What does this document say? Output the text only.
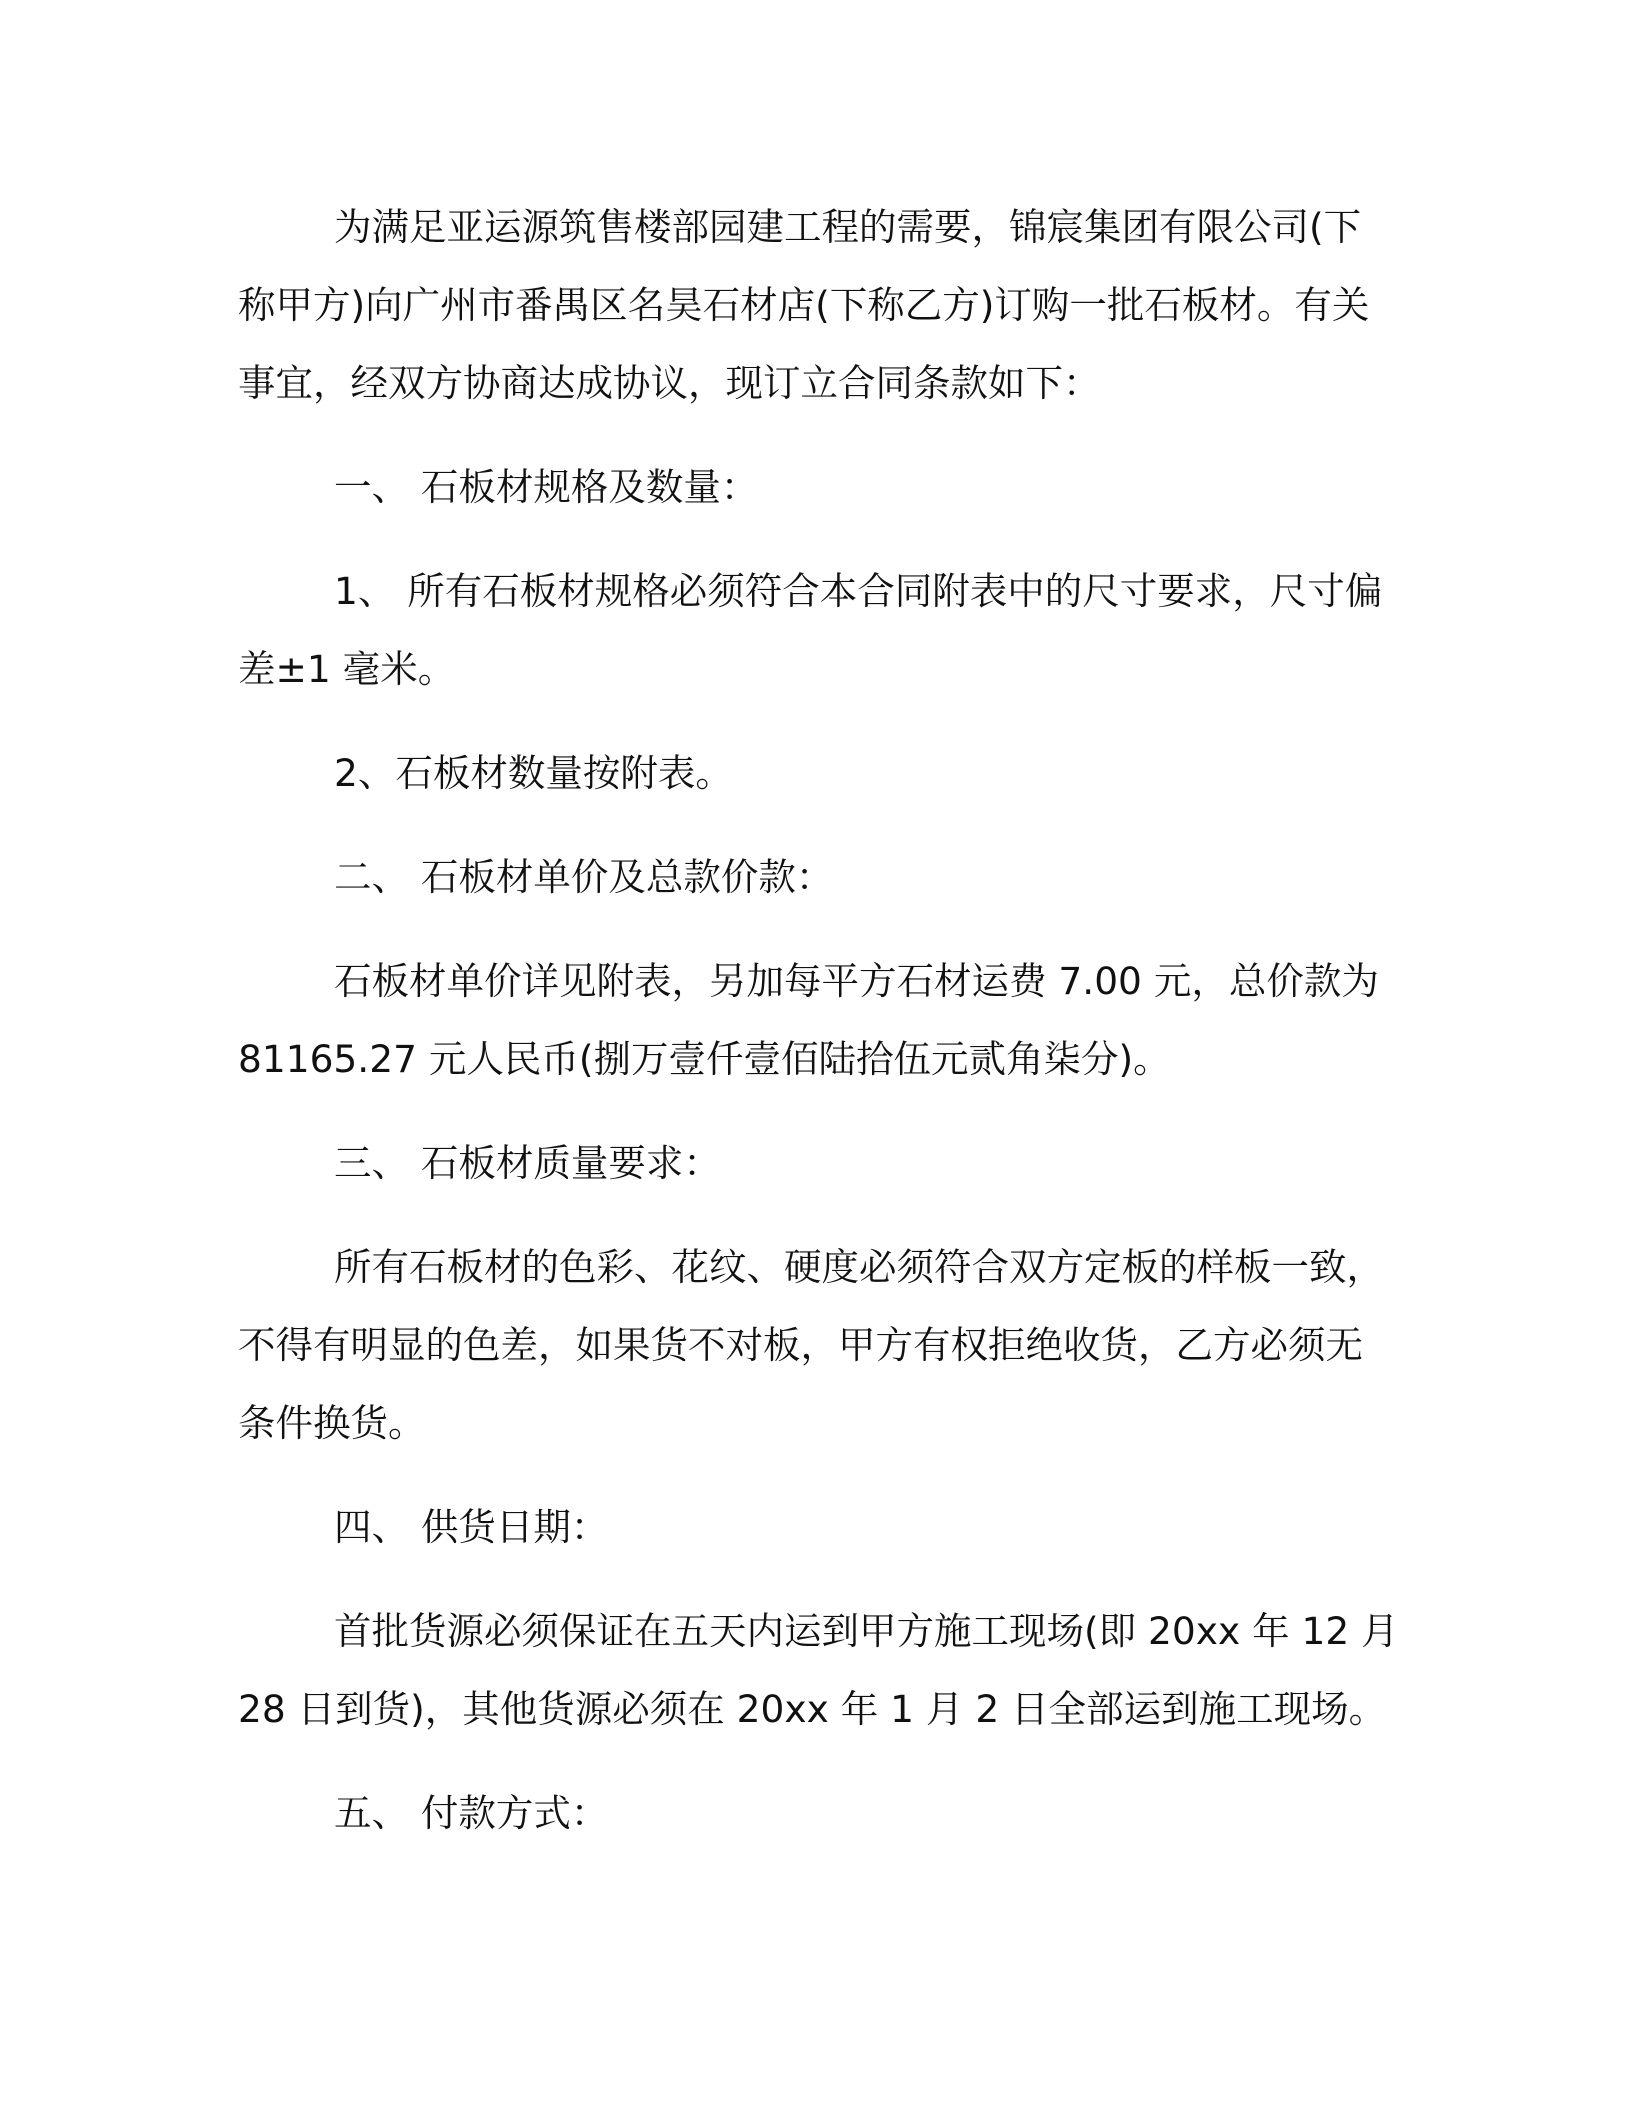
为满足亚运源筑售楼部园建工程的需要，锦宸集团有限公司(下
称甲方)向广州市番禺区名昊石材店(下称乙方)订购一批石板材。有关
事宜，经双方协商达成协议，现订立合同条款如下：

一、 石板材规格及数量：

1、 所有石板材规格必须符合本合同附表中的尺寸要求，尺寸偏
差±1 毫米。

2、石板材数量按附表。

二、 石板材单价及总款价款：

石板材单价详见附表，另加每平方石材运费 7.00 元，总价款为
81165.27 元人民币(捌万壹仟壹佰陆拾伍元贰角柒分)。

三、 石板材质量要求：

所有石板材的色彩、花纹、硬度必须符合双方定板的样板一致，
不得有明显的色差，如果货不对板，甲方有权拒绝收货，乙方必须无
条件换货。

四、 供货日期：

首批货源必须保证在五天内运到甲方施工现场(即 20xx 年 12 月
28 日到货)，其他货源必须在 20xx 年 1 月 2 日全部运到施工现场。

五、 付款方式：
